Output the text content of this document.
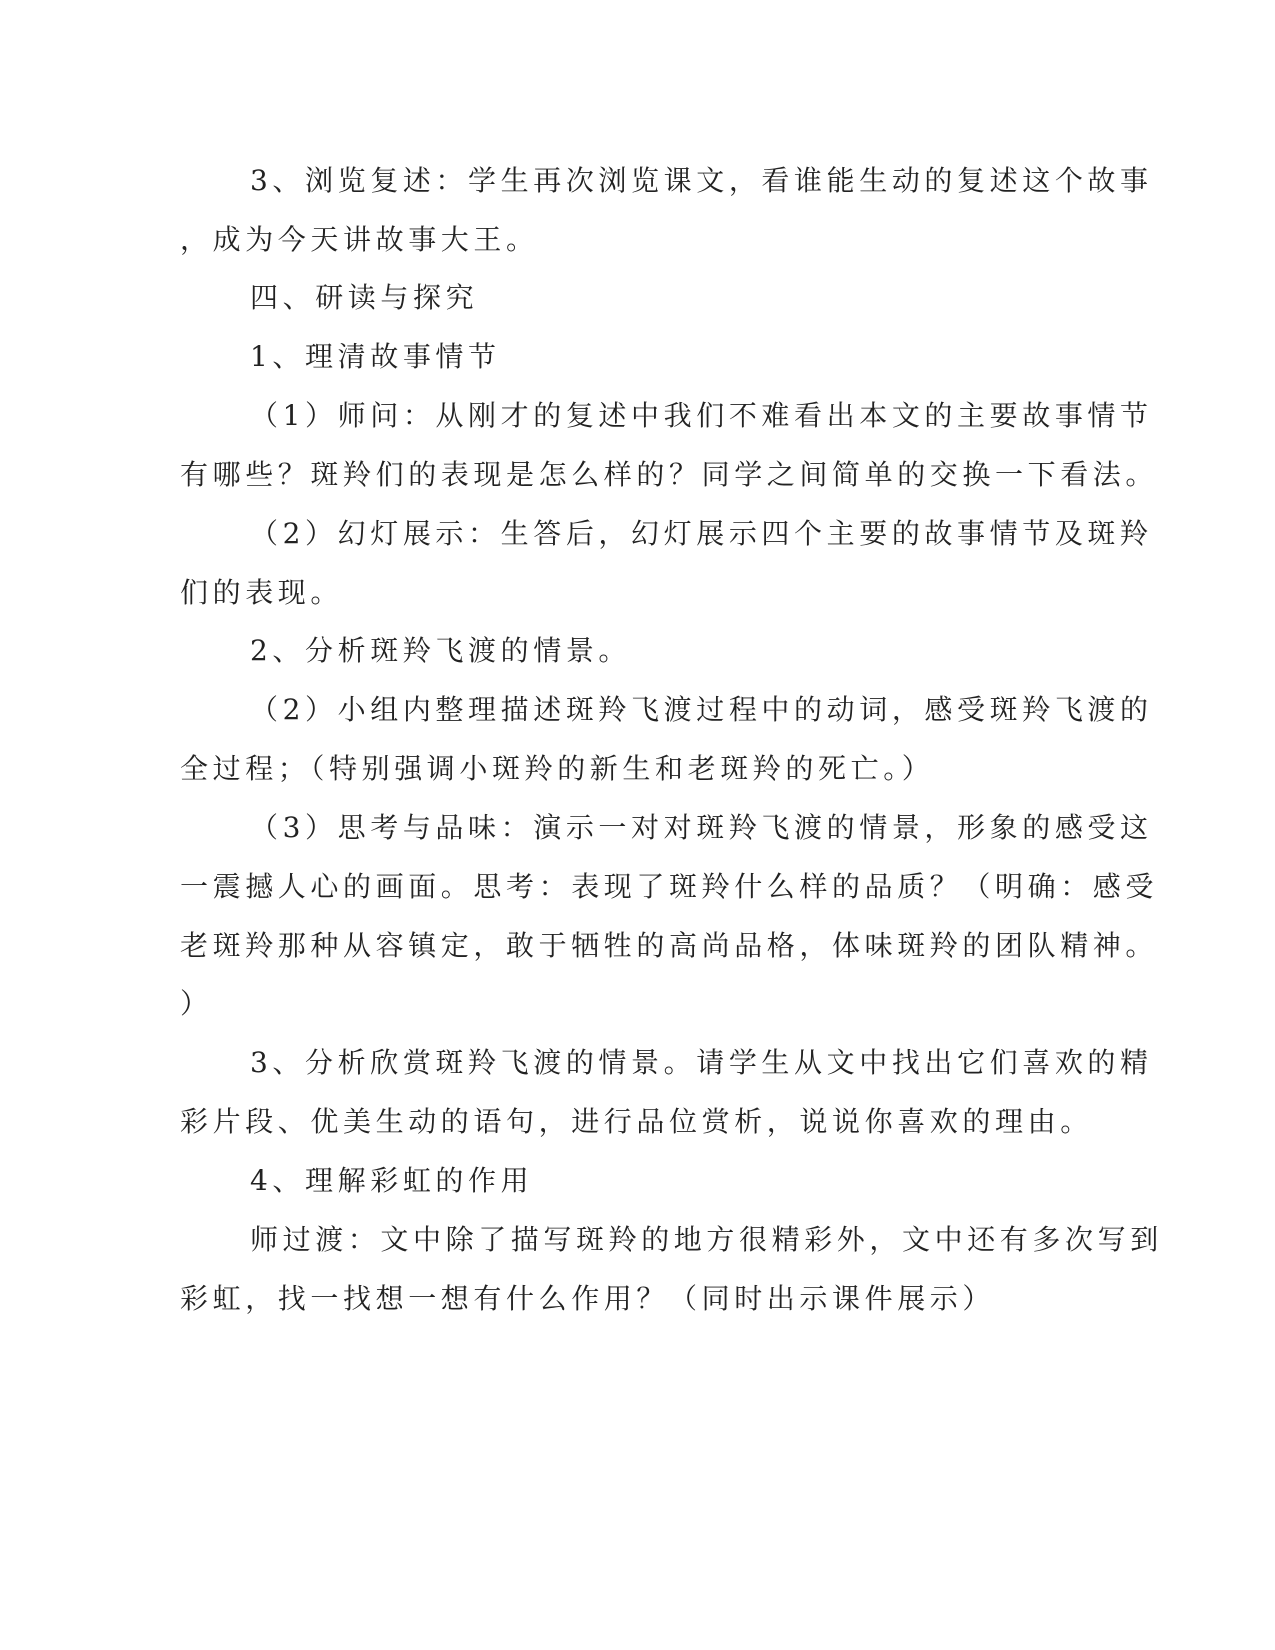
3、浏览复述：学生再次浏览课文，看谁能生动的复述这个故事
，成为今天讲故事大王。
四、研读与探究
1、理清故事情节
（1）师问：从刚才的复述中我们不难看出本文的主要故事情节
有哪些？斑羚们的表现是怎么样的？同学之间简单的交换一下看法。
（2）幻灯展示：生答后，幻灯展示四个主要的故事情节及斑羚
们的表现。
2、分析斑羚飞渡的情景。
（2）小组内整理描述斑羚飞渡过程中的动词，感受斑羚飞渡的
全过程；（特别强调小斑羚的新生和老斑羚的死亡。）
（3）思考与品味：演示一对对斑羚飞渡的情景，形象的感受这
一震撼人心的画面。思考：表现了斑羚什么样的品质？（明确：感受
老斑羚那种从容镇定，敢于牺牲的高尚品格，体味斑羚的团队精神。
）
3、分析欣赏斑羚飞渡的情景。请学生从文中找出它们喜欢的精
彩片段、优美生动的语句，进行品位赏析，说说你喜欢的理由。
4、理解彩虹的作用
师过渡：文中除了描写斑羚的地方很精彩外，文中还有多次写到
彩虹，找一找想一想有什么作用？（同时出示课件展示）
